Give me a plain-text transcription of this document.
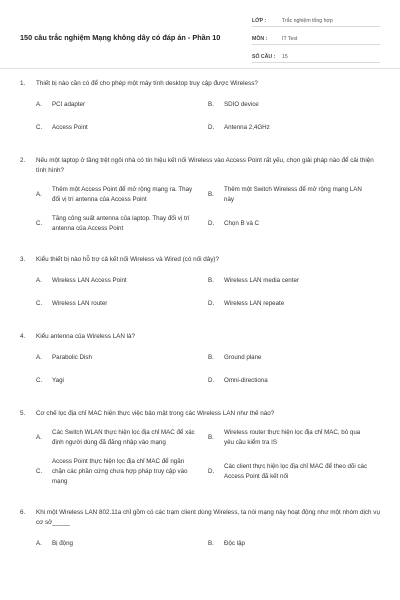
150 câu trắc nghiệm Mạng không dây có đáp án - Phần 10
LỚP :	Trắc nghiệm tổng hợp
MÔN :	IT Test
SỐ CÂU :	15
1.	Thiết bị nào cần có để cho phép một máy tính desktop truy cập được Wireless?
A.	PCI adapter	B.	SDIO device
C.	Access Point	D.	Antenna 2,4GHz
2.	Nếu một laptop ở tầng trệt ngôi nhà có tín hiệu kết nối Wireless vào Access Point rất yếu, chọn giải pháp nào để cải thiện tình hình?
A.
Thêm một Access Point để mở rộng mạng ra. Thay đổi vị trí antenna của Access Point
B.
Thêm một Switch Wireless để mở rộng mạng LAN này
C.
Tăng công suất antenna của laptop. Thay đổi vị trí antenna của Access Point
D.	Chọn B và C
3.	Kiểu thiết bị nào hỗ trợ cả kết nối Wireless và Wired (có nối dây)?
A.	Wireless LAN Access Point	B.	Wireless LAN media center
C.	Wireless LAN router	D.	Wireless LAN repeate
4.	Kiểu antenna của Wireless LAN là?
A.	Parabolic Dish	B.	Ground plane
C.	Yagi	D.	Omni-directiona
5.	Cơ chế lọc địa chỉ MAC hiện thực việc bảo mật trong các Wireless LAN như thế nào?
A.
Các Switch WLAN thực hiện lọc địa chỉ MAC để xác định người dùng đã đăng nhập vào mạng
B.
Wireless router thực hiện lọc địa chỉ MAC, bỏ qua yêu cầu kiểm tra IS
C.
Access Point thực hiện lọc địa chỉ MAC để ngăn chặn các phần cứng chưa hợp pháp truy cập vào mạng
D.
Các client thực hiện lọc địa chỉ MAC để theo dõi các Access Point đã kết nối
6.	Khi một Wireless LAN 802.11a chỉ gồm có các trạm client dùng Wireless, ta nói mạng này hoạt động như một nhóm dịch vụ cơ sở_____
A.	Bị động	B.	Độc lập
